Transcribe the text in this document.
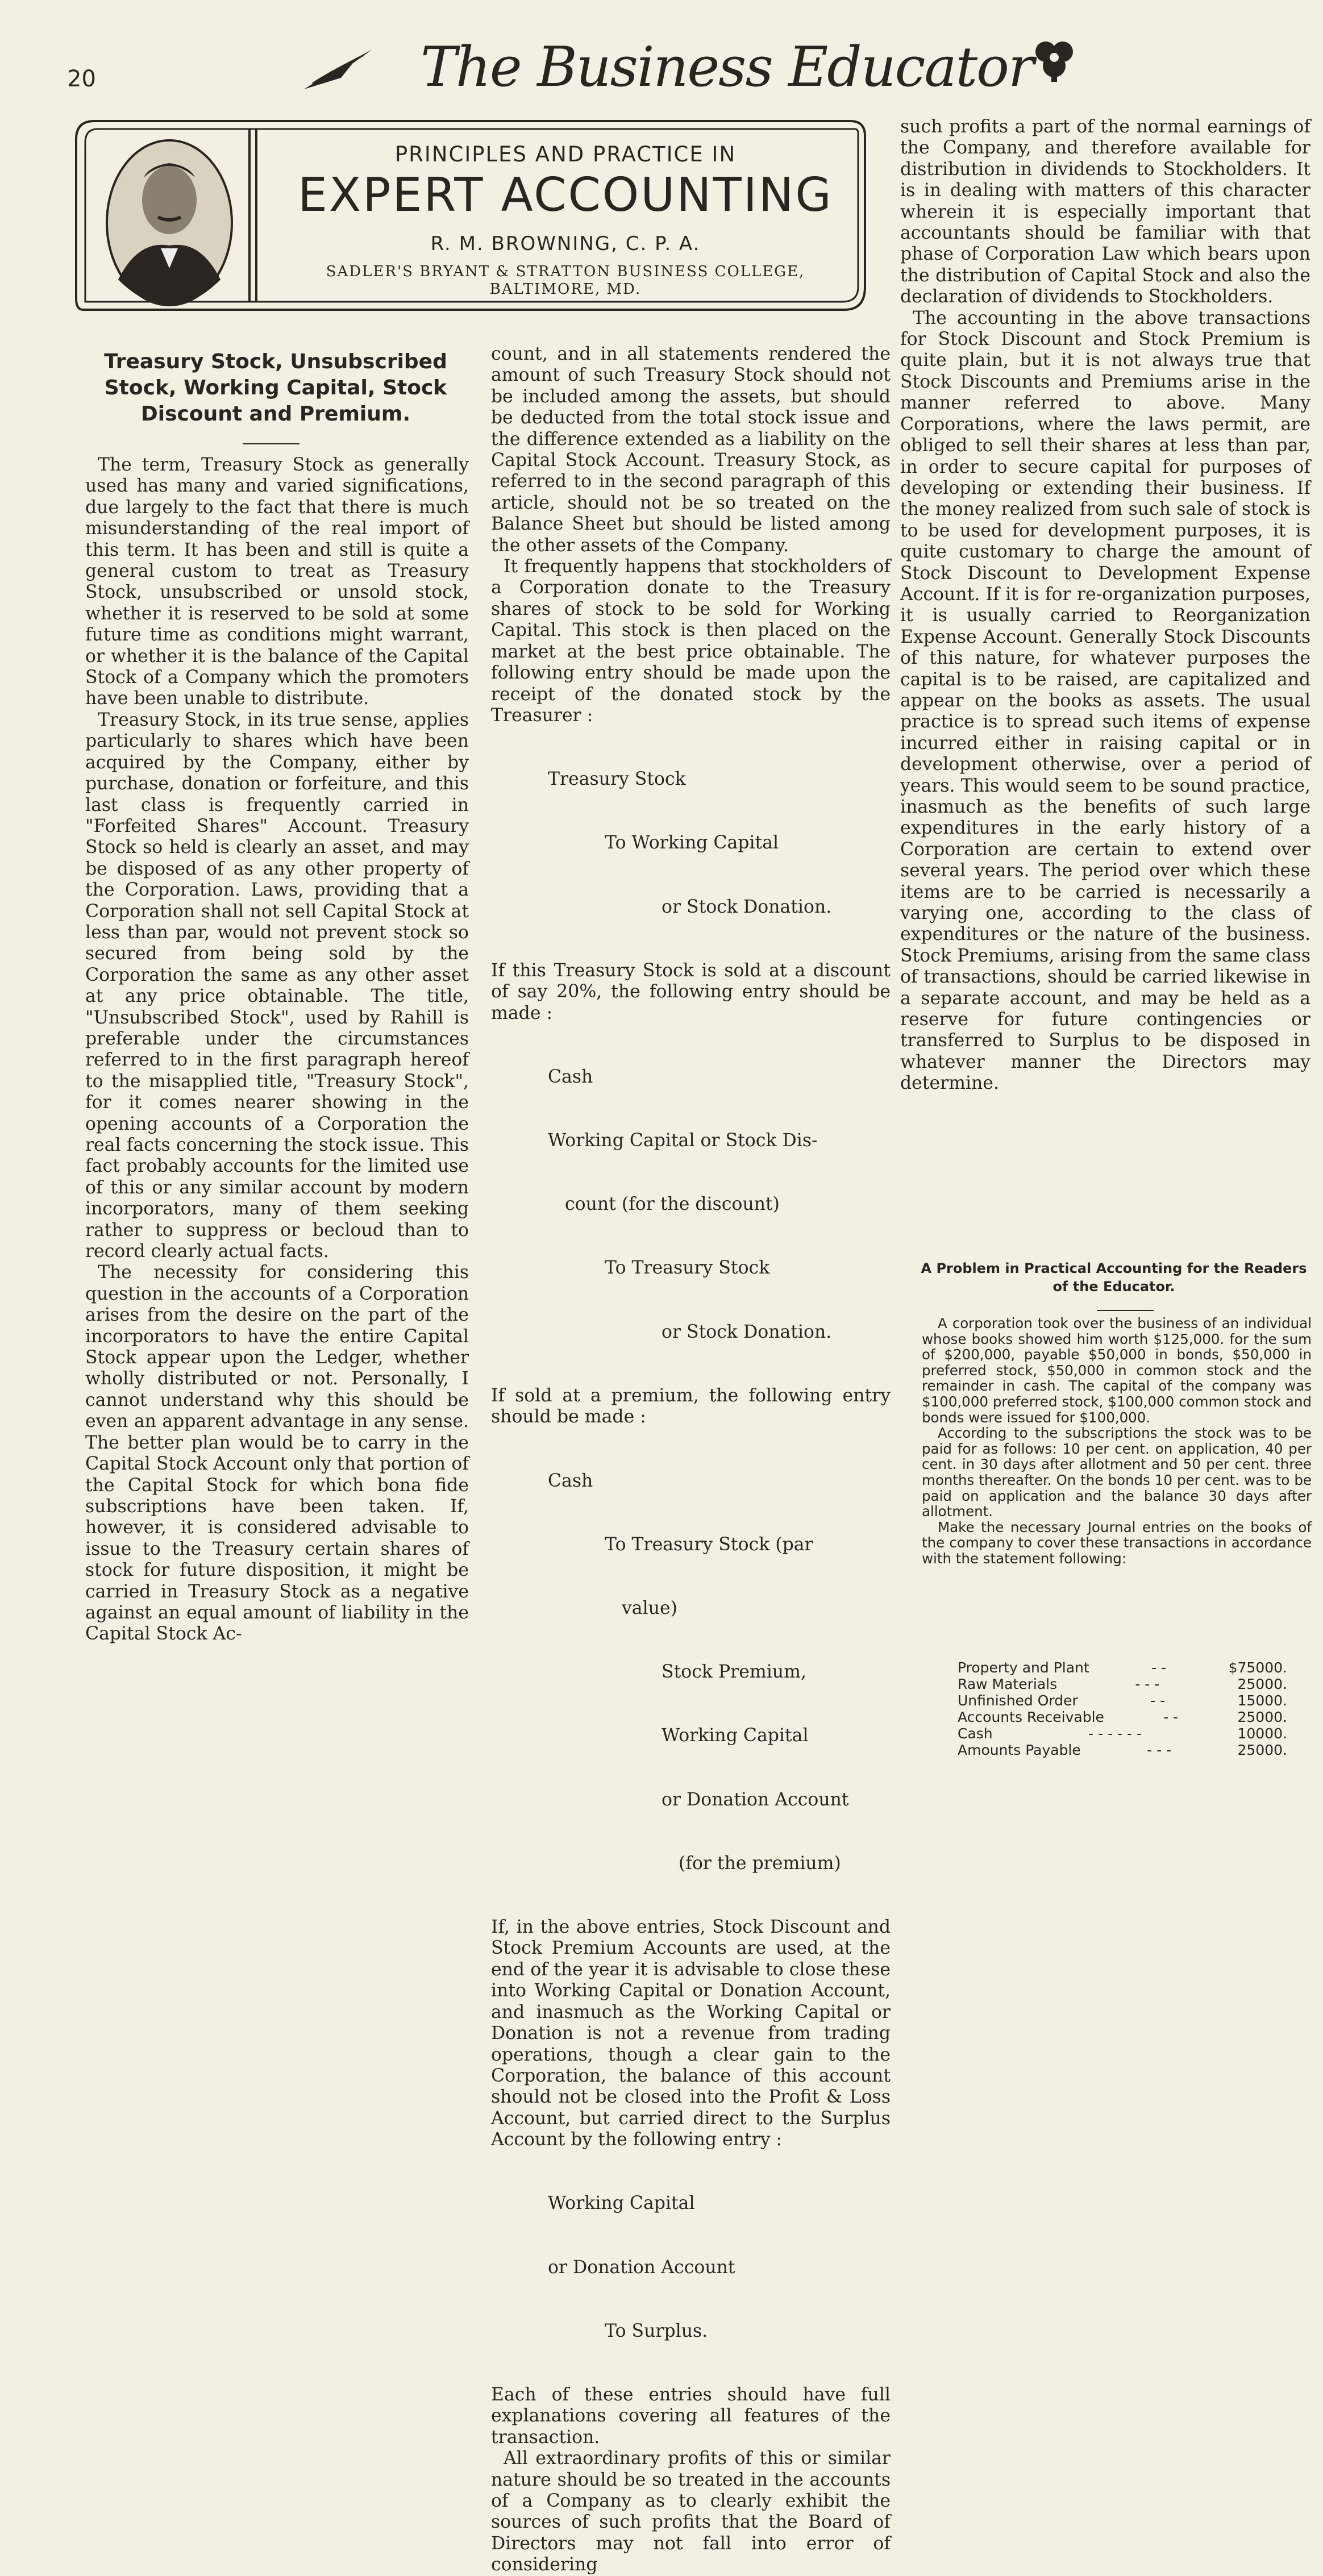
20	The Business Educator
PRINCIPLES AND PRACTICE IN
EXPERT ACCOUNTING
R. M. BROWNING, C. P. A.
SADLER'S BRYANT & STRATTON BUSINESS COLLEGE,
BALTIMORE, MD.
Treasury Stock, Unsubscribed Stock, Working Capital, Stock Discount and Premium.

The term, Treasury Stock as generally used has many and varied significations, due largely to the fact that there is much misunderstanding of the real import of this term. It has been and still is quite a general custom to treat as Treasury Stock, unsubscribed or unsold stock, whether it is reserved to be sold at some future time as conditions might warrant, or whether it is the balance of the Capital Stock of a Company which the promoters have been unable to distribute.

Treasury Stock, in its true sense, applies particularly to shares which have been acquired by the Company, either by purchase, donation or forfeiture, and this last class is frequently carried in "Forfeited Shares" Account. Treasury Stock so held is clearly an asset, and may be disposed of as any other property of the Corporation. Laws, providing that a Corporation shall not sell Capital Stock at less than par, would not prevent stock so secured from being sold by the Corporation the same as any other asset at any price obtainable. The title, "Unsubscribed Stock", used by Rahill is preferable under the circumstances referred to in the first paragraph hereof to the misapplied title, "Treasury Stock", for it comes nearer showing in the opening accounts of a Corporation the real facts concerning the stock issue. This fact probably accounts for the limited use of this or any similar account by modern incorporators, many of them seeking rather to suppress or becloud than to record clearly actual facts.

The necessity for considering this question in the accounts of a Corporation arises from the desire on the part of the incorporators to have the entire Capital Stock appear upon the Ledger, whether wholly distributed or not. Personally, I cannot understand why this should be even an apparent advantage in any sense. The better plan would be to carry in the Capital Stock Account only that portion of the Capital Stock for which bona fide subscriptions have been taken. If, however, it is considered advisable to issue to the Treasury certain shares of stock for future disposition, it might be carried in Treasury Stock as a negative against an equal amount of liability in the Capital Stock Ac-

count, and in all statements rendered the amount of such Treasury Stock should not be included among the assets, but should be deducted from the total stock issue and the difference extended as a liability on the Capital Stock Account. Treasury Stock, as referred to in the second paragraph of this article, should not be so treated on the Balance Sheet but should be listed among the other assets of the Company.

It frequently happens that stockholders of a Corporation donate to the Treasury shares of stock to be sold for Working Capital. This stock is then placed on the market at the best price obtainable. The following entry should be made upon the receipt of the donated stock by the Treasurer :

Treasury Stock

To Working Capital

or Stock Donation.

If this Treasury Stock is sold at a discount of say 20%, the following entry should be made :

Cash

Working Capital or Stock Dis-

count (for the discount)

To Treasury Stock

or Stock Donation.

If sold at a premium, the following entry should be made :

Cash

To Treasury Stock (par

value)

Stock Premium,

Working Capital

or Donation Account

(for the premium)

If, in the above entries, Stock Discount and Stock Premium Accounts are used, at the end of the year it is advisable to close these into Working Capital or Donation Account, and inasmuch as the Working Capital or Donation is not a revenue from trading operations, though a clear gain to the Corporation, the balance of this account should not be closed into the Profit & Loss Account, but carried direct to the Surplus Account by the following entry :

Working Capital

or Donation Account

To Surplus.

Each of these entries should have full explanations covering all features of the transaction.

All extraordinary profits of this or similar nature should be so treated in the accounts of a Company as to clearly exhibit the sources of such profits that the Board of Directors may not fall into error of considering

such profits a part of the normal earnings of the Company, and therefore available for distribution in dividends to Stockholders. It is in dealing with matters of this character wherein it is especially important that accountants should be familiar with that phase of Corporation Law which bears upon the distribution of Capital Stock and also the declaration of dividends to Stockholders.

The accounting in the above transactions for Stock Discount and Stock Premium is quite plain, but it is not always true that Stock Discounts and Premiums arise in the manner referred to above. Many Corporations, where the laws permit, are obliged to sell their shares at less than par, in order to secure capital for purposes of developing or extending their business. If the money realized from such sale of stock is to be used for development purposes, it is quite customary to charge the amount of Stock Discount to Development Expense Account. If it is for re-organization purposes, it is usually carried to Reorganization Expense Account. Generally Stock Discounts of this nature, for whatever purposes the capital is to be raised, are capitalized and appear on the books as assets. The usual practice is to spread such items of expense incurred either in raising capital or in development otherwise, over a period of years. This would seem to be sound practice, inasmuch as the benefits of such large expenditures in the early history of a Corporation are certain to extend over several years. The period over which these items are to be carried is necessarily a varying one, according to the class of expenditures or the nature of the business. Stock Premiums, arising from the same class of transactions, should be carried likewise in a separate account, and may be held as a reserve for future contingencies or transferred to Surplus to be disposed in whatever manner the Directors may determine.

A Problem in Practical Accounting for the Readers of the Educator.

A corporation took over the business of an individual whose books showed him worth $125,000. for the sum of $200,000, payable $50,000 in bonds, $50,000 in preferred stock, $50,000 in common stock and the remainder in cash. The capital of the company was $100,000 preferred stock, $100,000 common stock and bonds were issued for $100,000.

According to the subscriptions the stock was to be paid for as follows: 10 per cent. on application, 40 per cent. in 30 days after allotment and 50 per cent. three months thereafter. On the bonds 10 per cent. was to be paid on application and the balance 30 days after allotment.

Make the necessary Journal entries on the books of the company to cover these transactions in accordance with the statement following:

Property and Plant	- -	$75000.
Raw Materials	- - -	25000.
Unfinished Order	- -	15000.
Accounts Receivable	- -	25000.
Cash	- - - - - -	10000.
Amounts Payable	- - -	25000.
